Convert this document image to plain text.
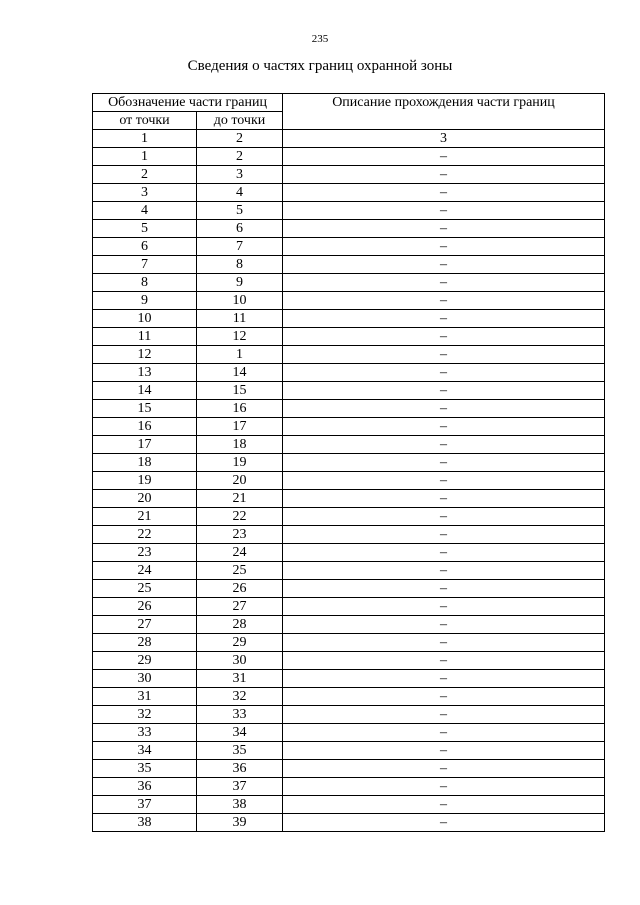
235
Сведения о частях границ охранной зоны
Обозначение части границ		Описание прохождения части границ
от точки	до точки	
1	2	3
1	2	–
2	3	–
3	4	–
4	5	–
5	6	–
6	7	–
7	8	–
8	9	–
9	10	–
10	11	–
11	12	–
12	1	–
13	14	–
14	15	–
15	16	–
16	17	–
17	18	–
18	19	–
19	20	–
20	21	–
21	22	–
22	23	–
23	24	–
24	25	–
25	26	–
26	27	–
27	28	–
28	29	–
29	30	–
30	31	–
31	32	–
32	33	–
33	34	–
34	35	–
35	36	–
36	37	–
37	38	–
38	39	–
